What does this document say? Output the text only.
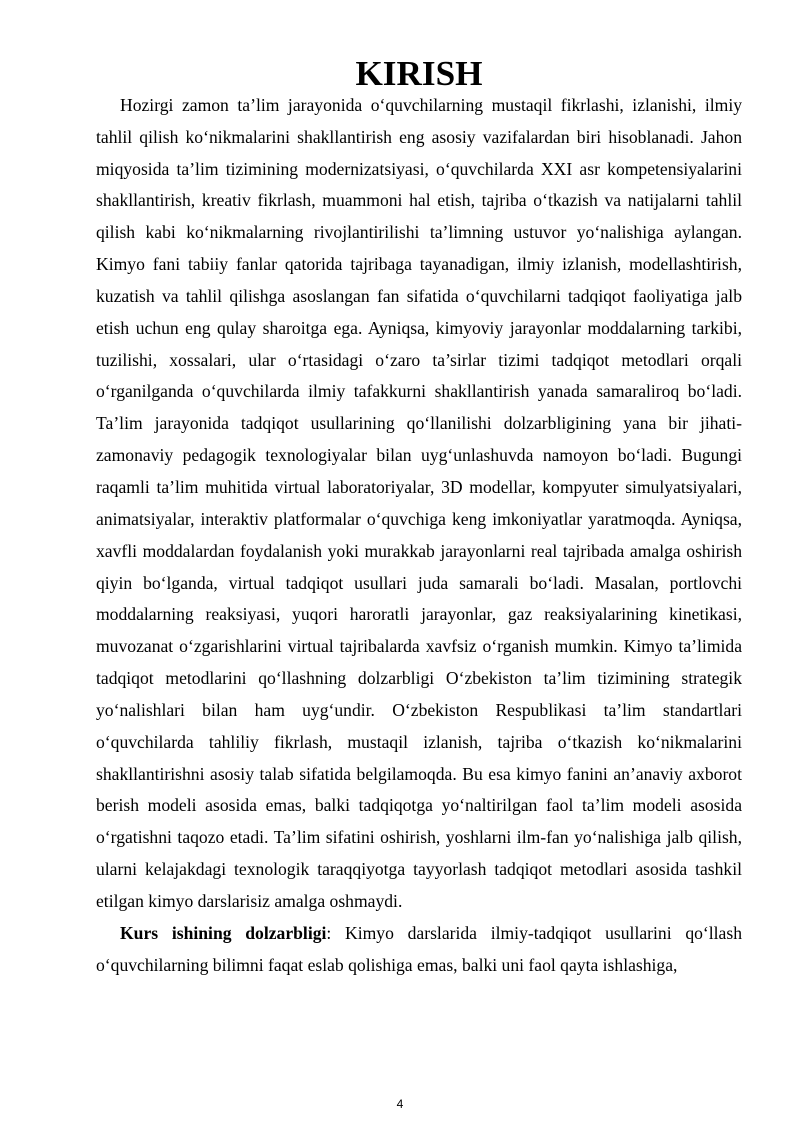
KIRISH

Hozirgi zamon ta’lim jarayonida o‘quvchilarning mustaqil fikrlashi, izlanishi, ilmiy tahlil qilish ko‘nikmalarini shakllantirish eng asosiy vazifalardan biri hisoblanadi. Jahon miqyosida ta’lim tizimining modernizatsiyasi, o‘quvchilarda XXI asr kompetensiyalarini shakllantirish, kreativ fikrlash, muammoni hal etish, tajriba o‘tkazish va natijalarni tahlil qilish kabi ko‘nikmalarning rivojlantirilishi ta’limning ustuvor yo‘nalishiga aylangan. Kimyo fani tabiiy fanlar qatorida tajribaga tayanadigan, ilmiy izlanish, modellashtirish, kuzatish va tahlil qilishga asoslangan fan sifatida o‘quvchilarni tadqiqot faoliyatiga jalb etish uchun eng qulay sharoitga ega. Ayniqsa, kimyoviy jarayonlar moddalarning tarkibi, tuzilishi, xossalari, ular o‘rtasidagi o‘zaro ta’sirlar tizimi tadqiqot metodlari orqali o‘rganilganda o‘quvchilarda ilmiy tafakkurni shakllantirish yanada samaraliroq bo‘ladi. Ta’lim jarayonida tadqiqot usullarining qo‘llanilishi dolzarbligining yana bir jihati-zamonaviy pedagogik texnologiyalar bilan uyg‘unlashuvda namoyon bo‘ladi. Bugungi raqamli ta’lim muhitida virtual laboratoriyalar, 3D modellar, kompyuter simulyatsiyalari, animatsiyalar, interaktiv platformalar o‘quvchiga keng imkoniyatlar yaratmoqda. Ayniqsa, xavfli moddalardan foydalanish yoki murakkab jarayonlarni real tajribada amalga oshirish qiyin bo‘lganda, virtual tadqiqot usullari juda samarali bo‘ladi. Masalan, portlovchi moddalarning reaksiyasi, yuqori haroratli jarayonlar, gaz reaksiyalarining kinetikasi, muvozanat o‘zgarishlarini virtual tajribalarda xavfsiz o‘rganish mumkin. Kimyo ta’limida tadqiqot metodlarini qo‘llashning dolzarbligi O‘zbekiston ta’lim tizimining strategik yo‘nalishlari bilan ham uyg‘undir. O‘zbekiston Respublikasi ta’lim standartlari o‘quvchilarda tahliliy fikrlash, mustaqil izlanish, tajriba o‘tkazish ko‘nikmalarini shakllantirishni asosiy talab sifatida belgilamoqda. Bu esa kimyo fanini an’anaviy axborot berish modeli asosida emas, balki tadqiqotga yo‘naltirilgan faol ta’lim modeli asosida o‘rgatishni taqozo etadi. Ta’lim sifatini oshirish, yoshlarni ilm-fan yo‘nalishiga jalb qilish, ularni kelajakdagi texnologik taraqqiyotga tayyorlash tadqiqot metodlari asosida tashkil etilgan kimyo darslarisiz amalga oshmaydi.

Kurs ishining dolzarbligi: Kimyo darslarida ilmiy-tadqiqot usullarini qo‘llash o‘quvchilarning bilimni faqat eslab qolishiga emas, balki uni faol qayta ishlashiga,

4
